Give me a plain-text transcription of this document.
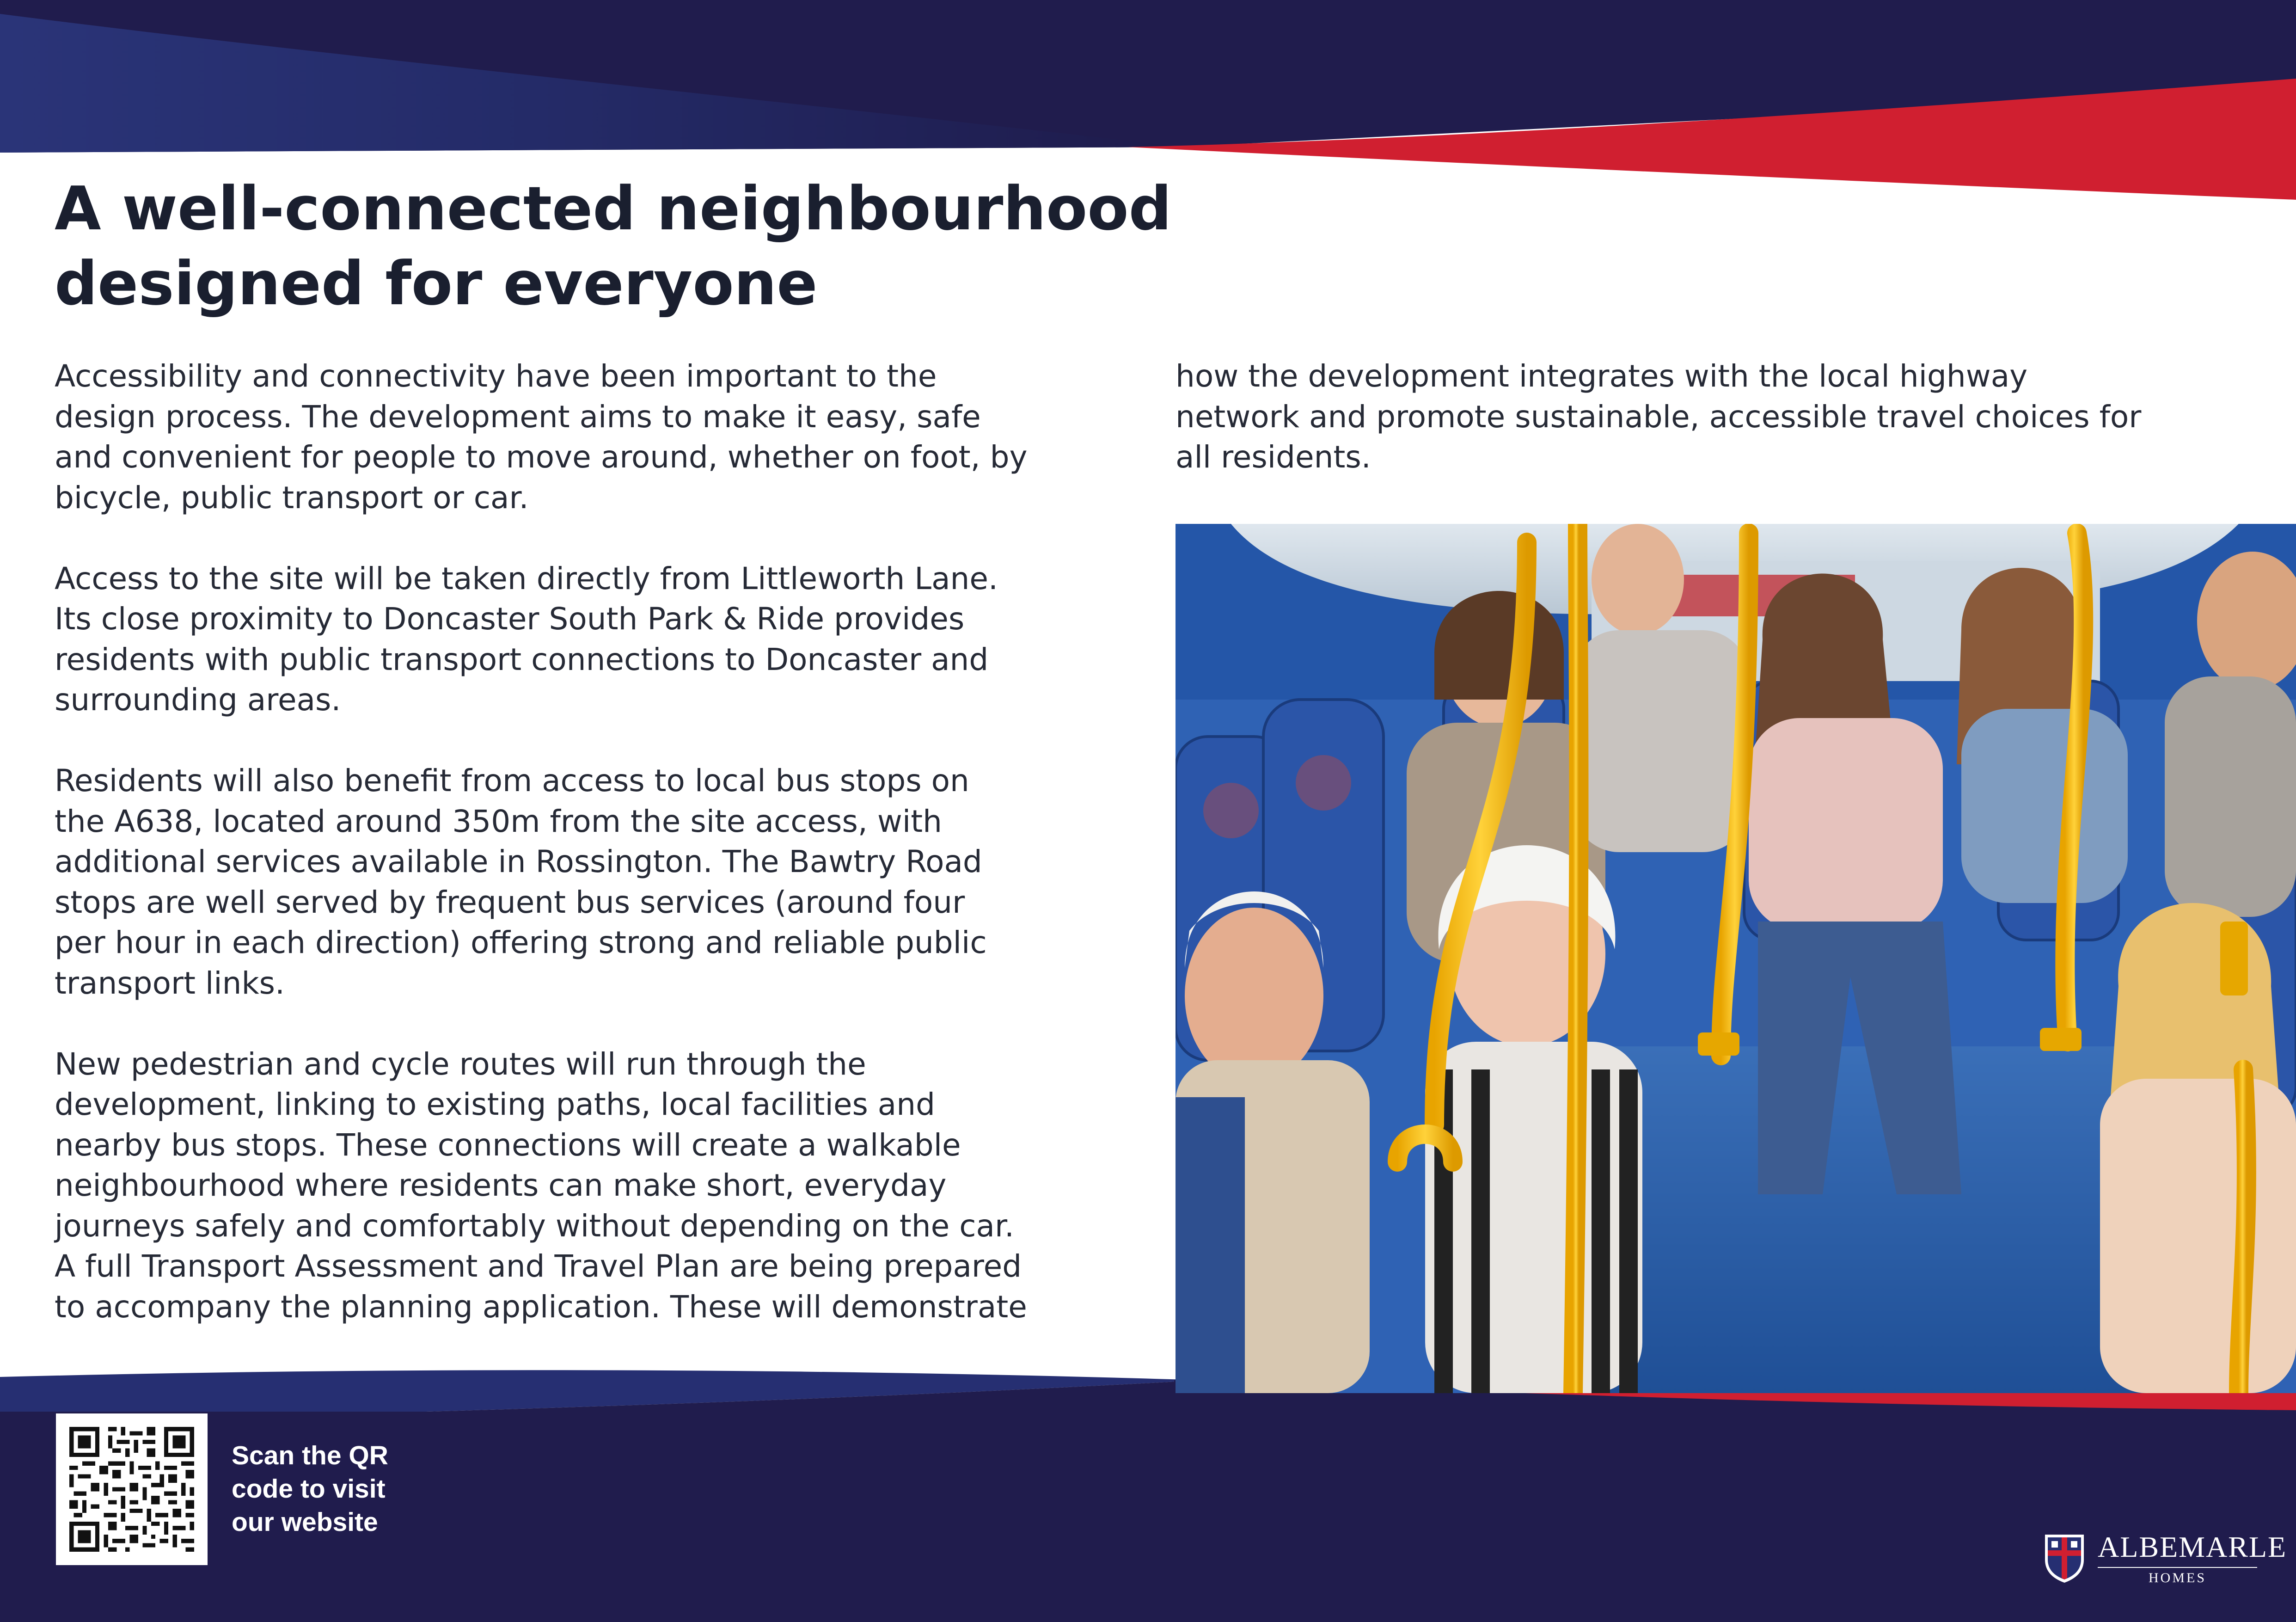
A well-connected neighbourhood
designed for everyone

Accessibility and connectivity have been important to the
design process. The development aims to make it easy, safe
and convenient for people to move around, whether on foot, by
bicycle, public transport or car.

Access to the site will be taken directly from Littleworth Lane.
Its close proximity to Doncaster South Park & Ride provides
residents with public transport connections to Doncaster and
surrounding areas.

Residents will also benefit from access to local bus stops on
the A638, located around 350m from the site access, with
additional services available in Rossington. The Bawtry Road
stops are well served by frequent bus services (around four
per hour in each direction) offering strong and reliable public
transport links.

New pedestrian and cycle routes will run through the
development, linking to existing paths, local facilities and
nearby bus stops. These connections will create a walkable
neighbourhood where residents can make short, everyday
journeys safely and comfortably without depending on the car.
A full Transport Assessment and Travel Plan are being prepared
to accompany the planning application. These will demonstrate

how the development integrates with the local highway
network and promote sustainable, accessible travel choices for
all residents.

Scan the QR
code to visit
our website
ALBEMARLE
HOMES
